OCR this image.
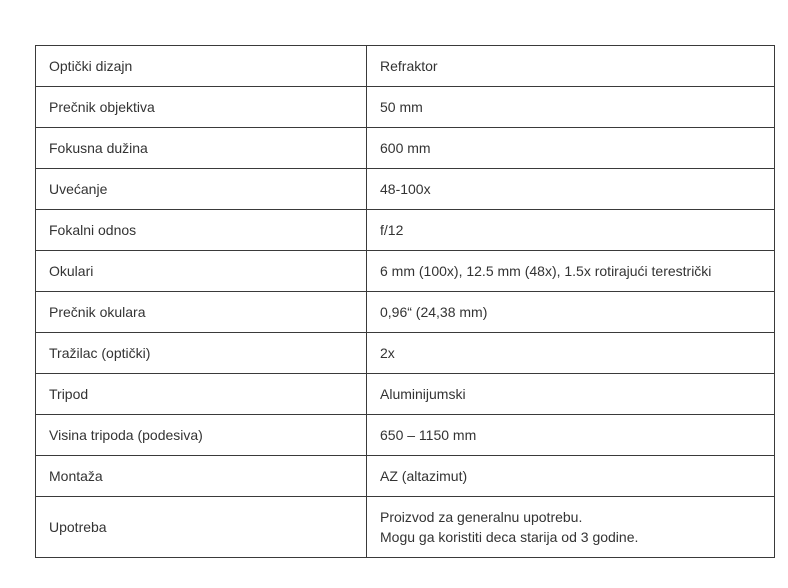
Optički dizajn	Refraktor
Prečnik objektiva	50 mm
Fokusna dužina	600 mm
Uvećanje	48-100x
Fokalni odnos	f/12
Okulari	6 mm (100x), 12.5 mm (48x), 1.5x rotirajući terestrički
Prečnik okulara	0,96“ (24,38 mm)
Tražilac (optički)	2x
Tripod	Aluminijumski
Visina tripoda (podesiva)	650 – 1150 mm
Montaža	AZ (altazimut)
Upotreba	Proizvod za generalnu upotrebu.
Mogu ga koristiti deca starija od 3 godine.
